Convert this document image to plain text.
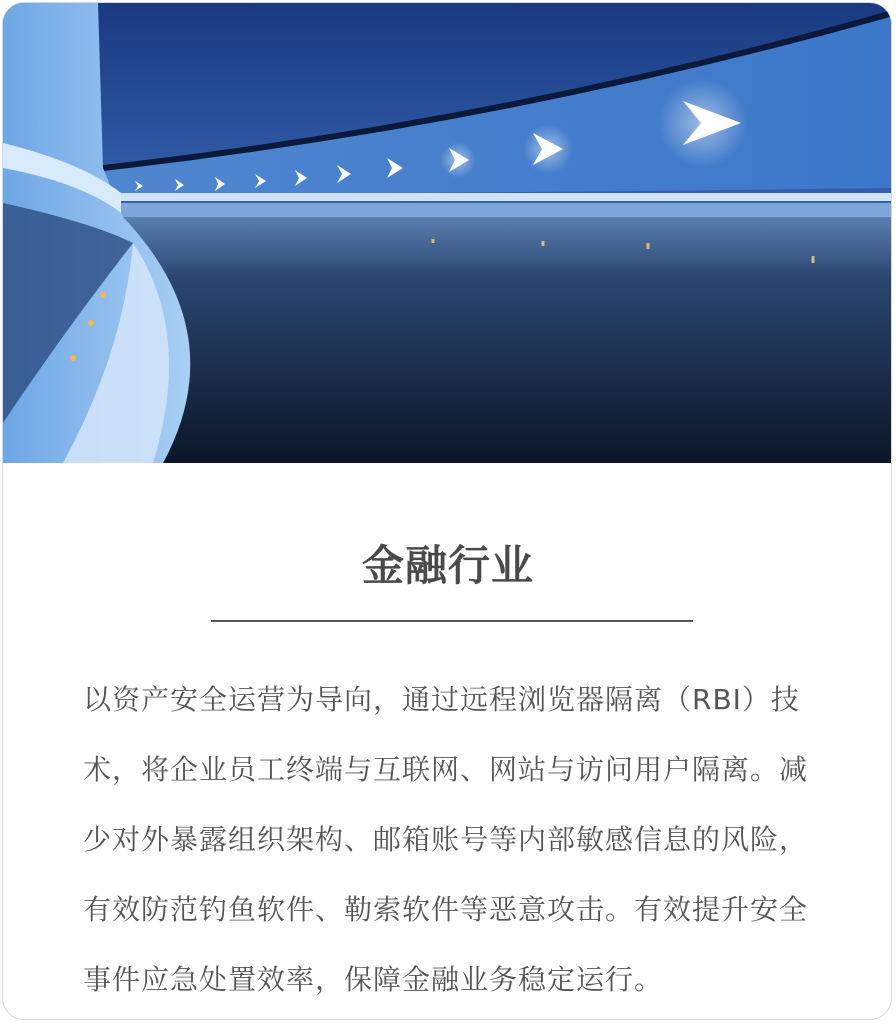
金融行业
以资产安全运营为导向，通过远程浏览器隔离（RBI）技术，将企业员工终端与互联网、网站与访问用户隔离。减少对外暴露组织架构、邮箱账号等内部敏感信息的风险，有效防范钓鱼软件、勒索软件等恶意攻击。有效提升安全事件应急处置效率，保障金融业务稳定运行。
